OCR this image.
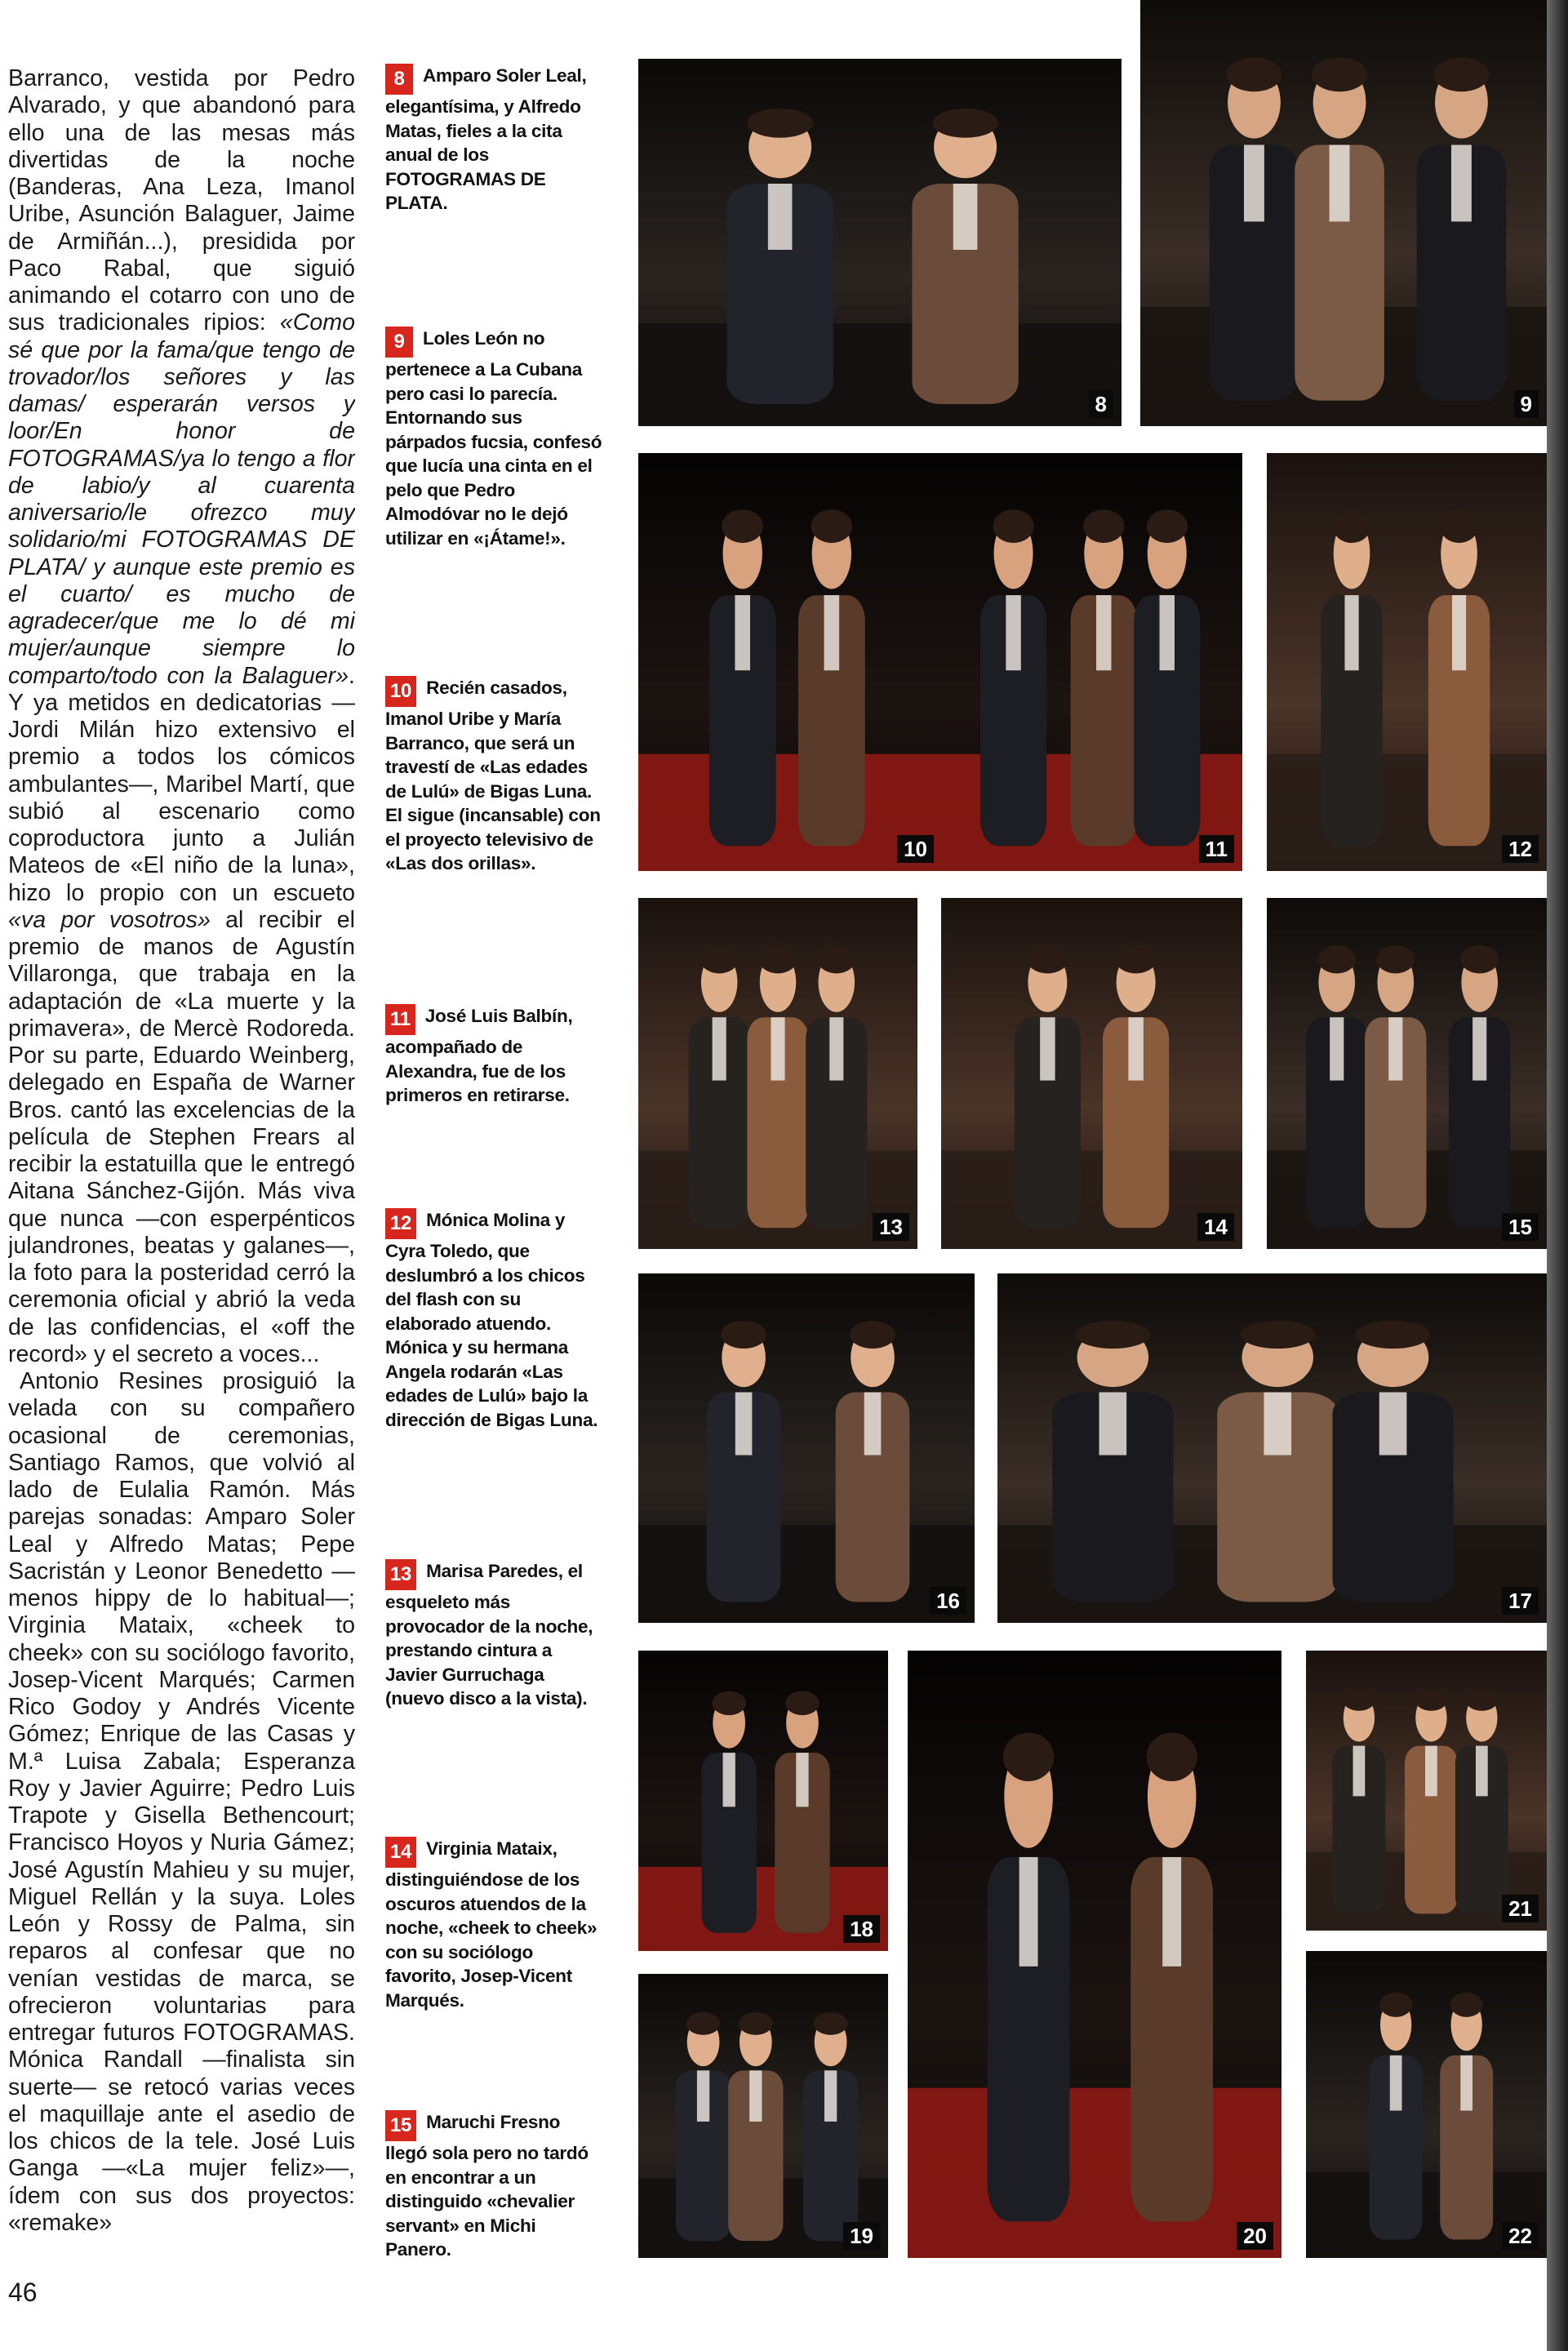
Barranco, vestida por Pedro Alvarado, y que abandonó para ello una de las mesas más divertidas de la noche (Banderas, Ana Leza, Imanol Uribe, Asunción Balaguer, Jaime de Armiñán...), presidida por Paco Rabal, que siguió animando el cotarro con uno de sus tradicionales ripios: «Como sé que por la fama/que tengo de trovador/los señores y las damas/ esperarán versos y loor/En honor de FOTOGRAMAS/ya lo tengo a flor de labio/y al cuarenta aniversario/le ofrezco muy solidario/mi FOTOGRAMAS DE PLATA/ y aunque este premio es el cuarto/ es mucho de agradecer/que me lo dé mi mujer/aunque siempre lo comparto/todo con la Balaguer». Y ya metidos en dedicatorias —Jordi Milán hizo extensivo el premio a todos los cómicos ambulantes—, Maribel Martí, que subió al escenario como coproductora junto a Julián Mateos de «El niño de la luna», hizo lo propio con un escueto «va por vosotros» al recibir el premio de manos de Agustín Villaronga, que trabaja en la adaptación de «La muerte y la primavera», de Mercè Rodoreda. Por su parte, Eduardo Weinberg, delegado en España de Warner Bros. cantó las excelencias de la película de Stephen Frears al recibir la estatuilla que le entregó Aitana Sánchez-Gijón. Más viva que nunca —con esperpénticos julandrones, beatas y galanes—, la foto para la posteridad cerró la ceremonia oficial y abrió la veda de las confidencias, el «off the record» y el secreto a voces...

Antonio Resines prosiguió la velada con su compañero ocasional de ceremonias, Santiago Ramos, que volvió al lado de Eulalia Ramón. Más parejas sonadas: Amparo Soler Leal y Alfredo Matas; Pepe Sacristán y Leonor Benedetto —menos hippy de lo habitual—; Virginia Mataix, «cheek to cheek» con su sociólogo favorito, Josep-Vicent Marqués; Carmen Rico Godoy y Andrés Vicente Gómez; Enrique de las Casas y M.ª Luisa Zabala; Esperanza Roy y Javier Aguirre; Pedro Luis Trapote y Gisella Bethencourt; Francisco Hoyos y Nuria Gámez; José Agustín Mahieu y su mujer, Miguel Rellán y la suya. Loles León y Rossy de Palma, sin reparos al confesar que no venían vestidas de marca, se ofrecieron voluntarias para entregar futuros FOTOGRAMAS. Mónica Randall —finalista sin suerte— se retocó varias veces el maquillaje ante el asedio de los chicos de la tele. José Luis Ganga —«La mujer feliz»—, ídem con sus dos proyectos: «remake»

46
8 Amparo Soler Leal, elegantísima, y Alfredo Matas, fieles a la cita anual de los FOTOGRAMAS DE PLATA.
9 Loles León no pertenece a La Cubana pero casi lo parecía. Entornando sus párpados fucsia, confesó que lucía una cinta en el pelo que Pedro Almodóvar no le dejó utilizar en «¡Átame!».
10 Recién casados, Imanol Uribe y María Barranco, que será un travestí de «Las edades de Lulú» de Bigas Luna. El sigue (incansable) con el proyecto televisivo de «Las dos orillas».
11 José Luis Balbín, acompañado de Alexandra, fue de los primeros en retirarse.
12 Mónica Molina y Cyra Toledo, que deslumbró a los chicos del flash con su elaborado atuendo. Mónica y su hermana Angela rodarán «Las edades de Lulú» bajo la dirección de Bigas Luna.
13 Marisa Paredes, el esqueleto más provocador de la noche, prestando cintura a Javier Gurruchaga (nuevo disco a la vista).
14 Virginia Mataix, distinguiéndose de los oscuros atuendos de la noche, «cheek to cheek» con su sociólogo favorito, Josep-Vicent Marqués.
15 Maruchi Fresno llegó sola pero no tardó en encontrar a un distinguido «chevalier servant» en Michi Panero.
8	9
10	11	12
13	14	15
16	17
18
19	20
21
22
